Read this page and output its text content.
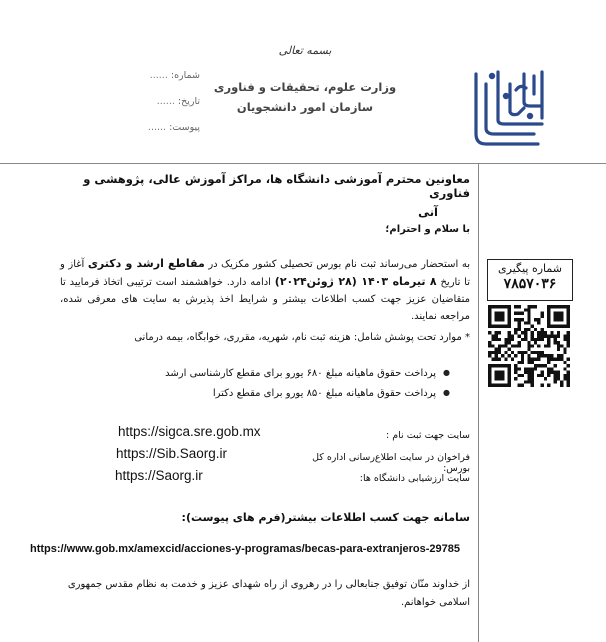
بسمه تعالی
وزارت علوم، تحقیقات و فناوری
سازمان امور دانشجویان
شماره: ......
تاریخ: ......
پیوست: ......
معاونین محترم آموزشی دانشگاه ها، مراکز آموزش عالی، پژوهشی و فناوری
آنی
با سلام و احترام؛
به استحضار می‌رساند ثبت نام بورس تحصیلی کشور مکزیک در مقاطع ارشد و دکتری آغاز و تا تاریخ ۸ تیرماه ۱۴۰۳ (۲۸ ژوئن۲۰۲۴) ادامه دارد. خواهشمند است ترتیبی اتخاذ فرمایید تا متقاضیان عزیز جهت کسب اطلاعات بیشتر و شرایط اخذ پذیرش به سایت های معرفی شده، مراجعه نمایند.
* موارد تحت پوشش شامل: هزینه ثبت نام، شهریه، مقرری، خوابگاه، بیمه درمانی
● پرداخت حقوق ماهیانه مبلغ ۶۸۰ یورو برای مقطع کارشناسی ارشد
● پرداخت حقوق ماهیانه مبلغ ۸۵۰ یورو برای مقطع دکترا
سایت جهت ثبت نام :
https://sigca.sre.gob.mx
فراخوان در سایت اطلاع‌رسانی اداره کل بورس:
https://Sib.Saorg.ir
سایت ارزشیابی دانشگاه ها:
https://Saorg.ir
سامانه جهت کسب اطلاعات بیشتر(فرم های پیوست):
https://www.gob.mx/amexcid/acciones-y-programas/becas-para-extranjeros-29785
از خداوند منّان توفیق جنابعالی را در رهروی از راه شهدای عزیز و خدمت به نظام مقدس جمهوری اسلامی خواهانم.
شماره پیگیری
۷۸۵۷۰۳۶
